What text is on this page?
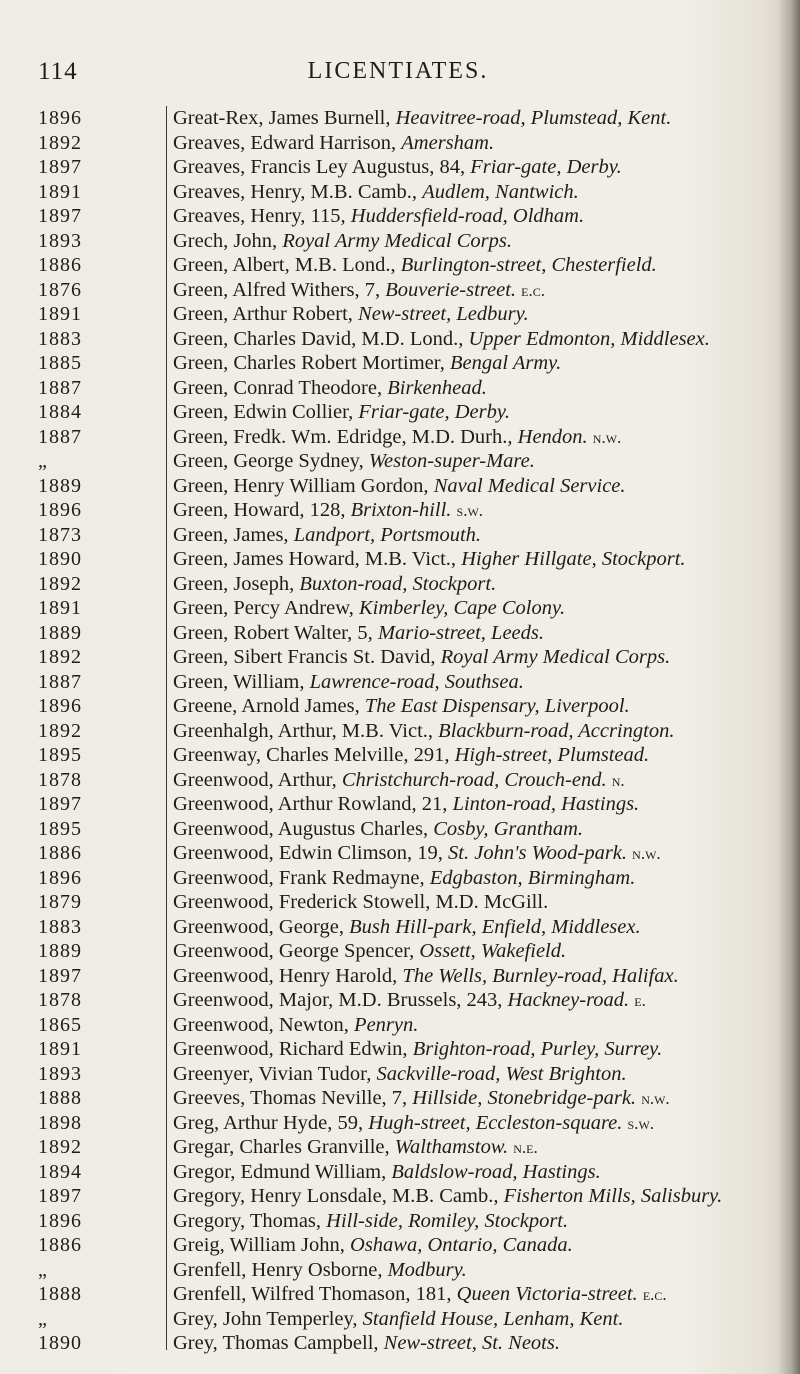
114	LICENTIATES.
1896	Great-Rex, James Burnell, Heavitree-road, Plumstead, Kent.
1892	Greaves, Edward Harrison, Amersham.
1897	Greaves, Francis Ley Augustus, 84, Friar-gate, Derby.
1891	Greaves, Henry, M.B. Camb., Audlem, Nantwich.
1897	Greaves, Henry, 115, Huddersfield-road, Oldham.
1893	Grech, John, Royal Army Medical Corps.
1886	Green, Albert, M.B. Lond., Burlington-street, Chesterfield.
1876	Green, Alfred Withers, 7, Bouverie-street. e.c.
1891	Green, Arthur Robert, New-street, Ledbury.
1883	Green, Charles David, M.D. Lond., Upper Edmonton, Middlesex.
1885	Green, Charles Robert Mortimer, Bengal Army.
1887	Green, Conrad Theodore, Birkenhead.
1884	Green, Edwin Collier, Friar-gate, Derby.
1887	Green, Fredk. Wm. Edridge, M.D. Durh., Hendon. n.w.
„	Green, George Sydney, Weston-super-Mare.
1889	Green, Henry William Gordon, Naval Medical Service.
1896	Green, Howard, 128, Brixton-hill. s.w.
1873	Green, James, Landport, Portsmouth.
1890	Green, James Howard, M.B. Vict., Higher Hillgate, Stockport.
1892	Green, Joseph, Buxton-road, Stockport.
1891	Green, Percy Andrew, Kimberley, Cape Colony.
1889	Green, Robert Walter, 5, Mario-street, Leeds.
1892	Green, Sibert Francis St. David, Royal Army Medical Corps.
1887	Green, William, Lawrence-road, Southsea.
1896	Greene, Arnold James, The East Dispensary, Liverpool.
1892	Greenhalgh, Arthur, M.B. Vict., Blackburn-road, Accrington.
1895	Greenway, Charles Melville, 291, High-street, Plumstead.
1878	Greenwood, Arthur, Christchurch-road, Crouch-end. n.
1897	Greenwood, Arthur Rowland, 21, Linton-road, Hastings.
1895	Greenwood, Augustus Charles, Cosby, Grantham.
1886	Greenwood, Edwin Climson, 19, St. John's Wood-park. n.w.
1896	Greenwood, Frank Redmayne, Edgbaston, Birmingham.
1879	Greenwood, Frederick Stowell, M.D. McGill.
1883	Greenwood, George, Bush Hill-park, Enfield, Middlesex.
1889	Greenwood, George Spencer, Ossett, Wakefield.
1897	Greenwood, Henry Harold, The Wells, Burnley-road, Halifax.
1878	Greenwood, Major, M.D. Brussels, 243, Hackney-road. e.
1865	Greenwood, Newton, Penryn.
1891	Greenwood, Richard Edwin, Brighton-road, Purley, Surrey.
1893	Greenyer, Vivian Tudor, Sackville-road, West Brighton.
1888	Greeves, Thomas Neville, 7, Hillside, Stonebridge-park. n.w.
1898	Greg, Arthur Hyde, 59, Hugh-street, Eccleston-square. s.w.
1892	Gregar, Charles Granville, Walthamstow. n.e.
1894	Gregor, Edmund William, Baldslow-road, Hastings.
1897	Gregory, Henry Lonsdale, M.B. Camb., Fisherton Mills, Salisbury.
1896	Gregory, Thomas, Hill-side, Romiley, Stockport.
1886	Greig, William John, Oshawa, Ontario, Canada.
„	Grenfell, Henry Osborne, Modbury.
1888	Grenfell, Wilfred Thomason, 181, Queen Victoria-street. e.c.
„	Grey, John Temperley, Stanfield House, Lenham, Kent.
1890	Grey, Thomas Campbell, New-street, St. Neots.
